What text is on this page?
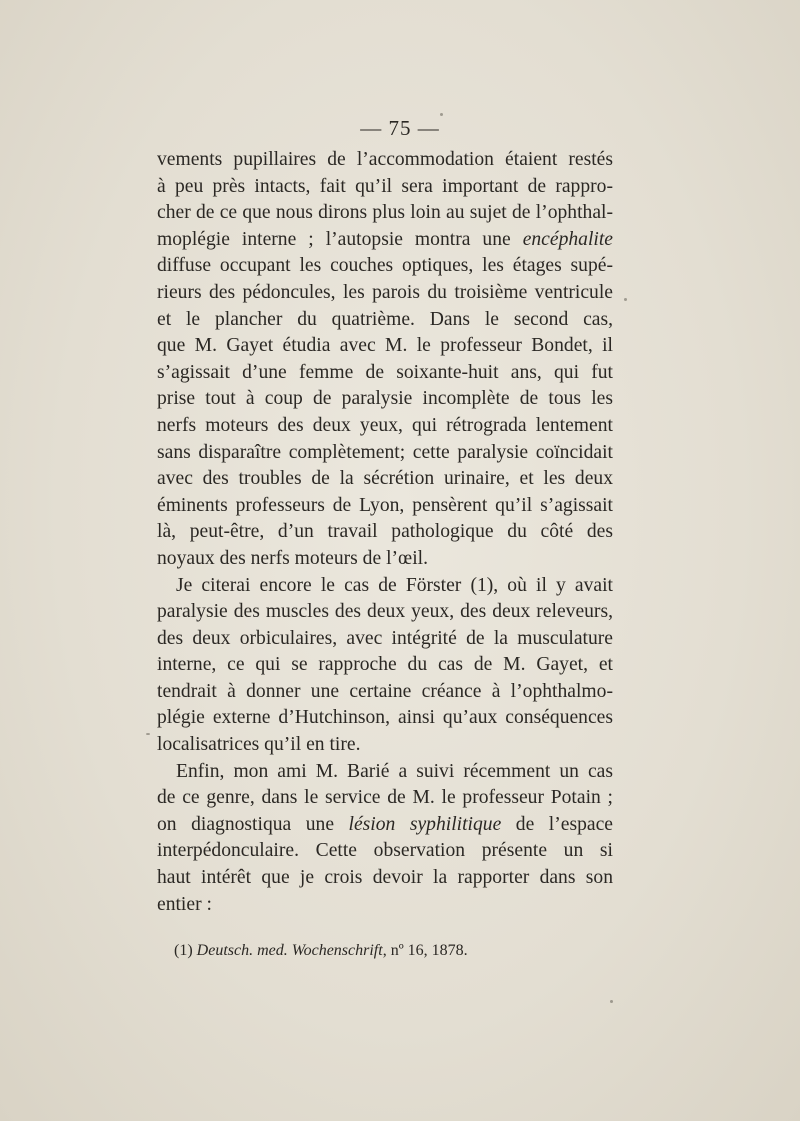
— 75 —
vements pupillaires de l’accommodation étaient restés
à peu près intacts, fait qu’il sera important de rappro-
cher de ce que nous dirons plus loin au sujet de l’ophthal-
moplégie interne ; l’autopsie montra une encéphalite
diffuse occupant les couches optiques, les étages supé-
rieurs des pédoncules, les parois du troisième ventricule
et le plancher du quatrième. Dans le second cas,
que M. Gayet étudia avec M. le professeur Bondet, il
s’agissait d’une femme de soixante-huit ans, qui fut
prise tout à coup de paralysie incomplète de tous les
nerfs moteurs des deux yeux, qui rétrograda lentement
sans disparaître complètement; cette paralysie coïncidait
avec des troubles de la sécrétion urinaire, et les deux
éminents professeurs de Lyon, pensèrent qu’il s’agissait
là, peut-être, d’un travail pathologique du côté des
noyaux des nerfs moteurs de l’œil.
Je citerai encore le cas de Förster (1), où il y avait
paralysie des muscles des deux yeux, des deux releveurs,
des deux orbiculaires, avec intégrité de la musculature
interne, ce qui se rapproche du cas de M. Gayet, et
tendrait à donner une certaine créance à l’ophthalmo-
plégie externe d’Hutchinson, ainsi qu’aux conséquences
localisatrices qu’il en tire.
Enfin, mon ami M. Barié a suivi récemment un cas
de ce genre, dans le service de M. le professeur Potain ;
on diagnostiqua une lésion syphilitique de l’espace
interpédonculaire. Cette observation présente un si
haut intérêt que je crois devoir la rapporter dans son
entier :
(1) Deutsch. med. Wochenschrift, nº 16, 1878.
